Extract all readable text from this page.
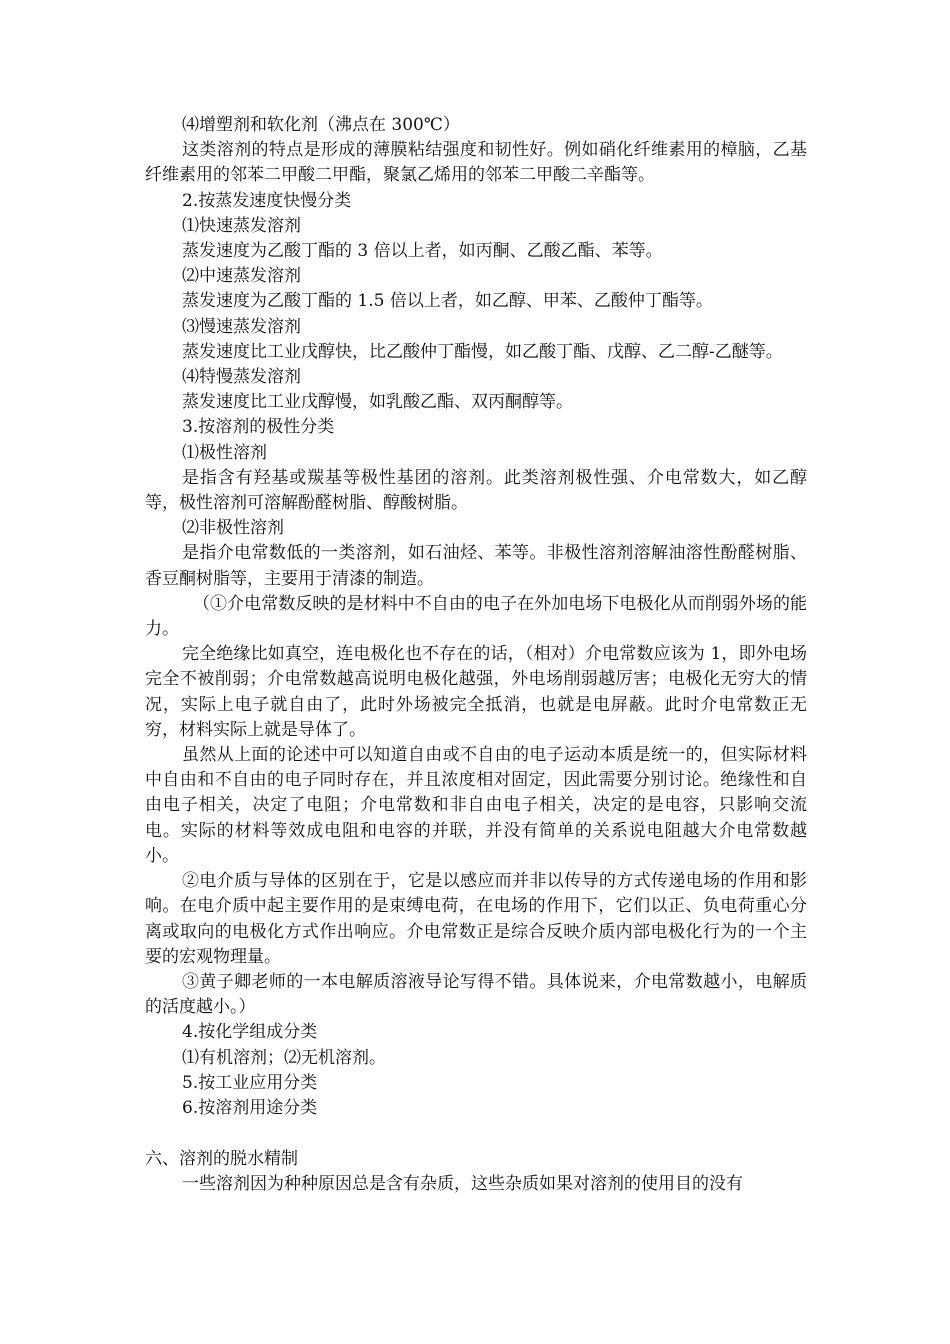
⑷增塑剂和软化剂（沸点在 300℃）

这类溶剂的特点是形成的薄膜粘结强度和韧性好。例如硝化纤维素用的樟脑，乙基纤维素用的邻苯二甲酸二甲酯，聚氯乙烯用的邻苯二甲酸二辛酯等。

2.按蒸发速度快慢分类

⑴快速蒸发溶剂

蒸发速度为乙酸丁酯的 3 倍以上者，如丙酮、乙酸乙酯、苯等。

⑵中速蒸发溶剂

蒸发速度为乙酸丁酯的 1.5 倍以上者，如乙醇、甲苯、乙酸仲丁酯等。

⑶慢速蒸发溶剂

蒸发速度比工业戊醇快，比乙酸仲丁酯慢，如乙酸丁酯、戊醇、乙二醇-乙醚等。

⑷特慢蒸发溶剂

蒸发速度比工业戊醇慢，如乳酸乙酯、双丙酮醇等。

3.按溶剂的极性分类

⑴极性溶剂

是指含有羟基或羰基等极性基团的溶剂。此类溶剂极性强、介电常数大，如乙醇等，极性溶剂可溶解酚醛树脂、醇酸树脂。

⑵非极性溶剂

是指介电常数低的一类溶剂，如石油烃、苯等。非极性溶剂溶解油溶性酚醛树脂、香豆酮树脂等，主要用于清漆的制造。

（①介电常数反映的是材料中不自由的电子在外加电场下电极化从而削弱外场的能力。

完全绝缘比如真空，连电极化也不存在的话，（相对）介电常数应该为 1，即外电场完全不被削弱；介电常数越高说明电极化越强，外电场削弱越厉害；电极化无穷大的情况，实际上电子就自由了，此时外场被完全抵消，也就是电屏蔽。此时介电常数正无穷，材料实际上就是导体了。

虽然从上面的论述中可以知道自由或不自由的电子运动本质是统一的，但实际材料中自由和不自由的电子同时存在，并且浓度相对固定，因此需要分别讨论。绝缘性和自由电子相关，决定了电阻；介电常数和非自由电子相关，决定的是电容，只影响交流电。实际的材料等效成电阻和电容的并联，并没有简单的关系说电阻越大介电常数越小。

②电介质与导体的区别在于，它是以感应而并非以传导的方式传递电场的作用和影响。在电介质中起主要作用的是束缚电荷，在电场的作用下，它们以正、负电荷重心分离或取向的电极化方式作出响应。介电常数正是综合反映介质内部电极化行为的一个主要的宏观物理量。

③黄子卿老师的一本电解质溶液导论写得不错。具体说来，介电常数越小，电解质的活度越小。）

4.按化学组成分类

⑴有机溶剂；⑵无机溶剂。

5.按工业应用分类

6.按溶剂用途分类

六、溶剂的脱水精制

一些溶剂因为种种原因总是含有杂质，这些杂质如果对溶剂的使用目的没有
